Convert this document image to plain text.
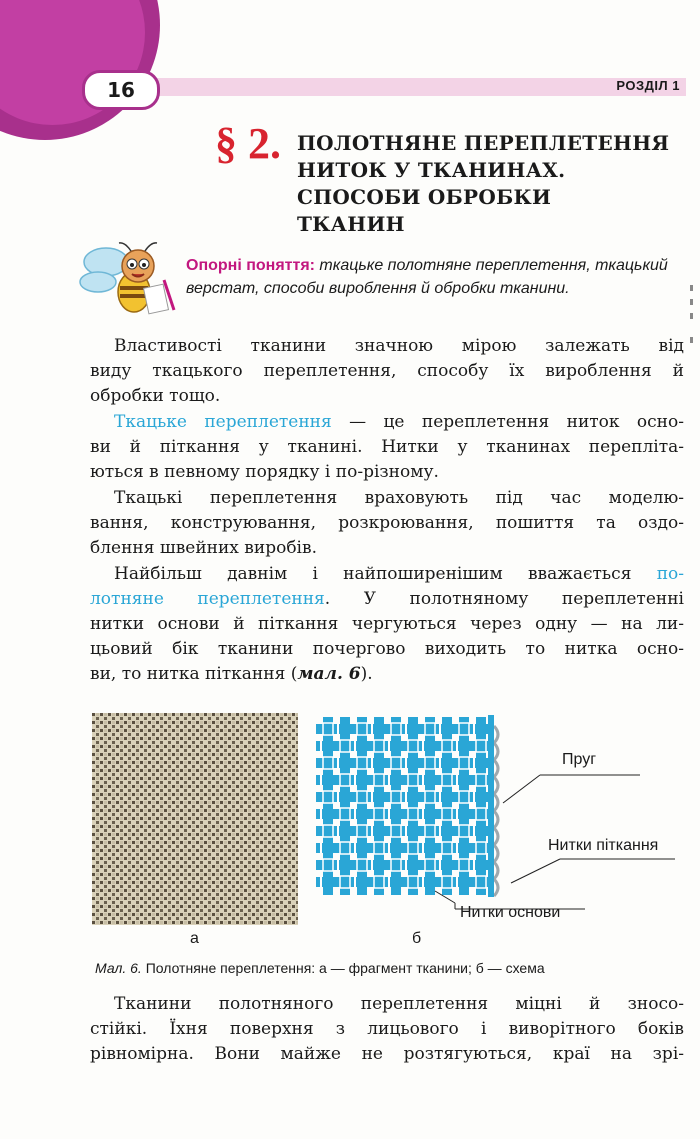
16	РОЗДІЛ 1
§ 2. ПОЛОТНЯНЕ ПЕРЕПЛЕТЕННЯ
НИТОК У ТКАНИНАХ.
СПОСОБИ ОБРОБКИ
ТКАНИН
Опорні поняття: ткацьке полотняне переплетення, ткацький верстат, способи вироблення й обробки тканини.
Властивості тканини значною мірою залежать від
виду ткацького переплетення, способу їх вироблення й
обробки тощо.
Ткацьке переплетення — це переплетення ниток осно-
ви й піткання у тканині. Нитки у тканинах перепліта-
ються в певному порядку і по-різному.
Ткацькі переплетення враховують під час моделю-
вання, конструювання, розкроювання, пошиття та оздо-
блення швейних виробів.
Найбільш давнім і найпоширенішим вважається по-
лотняне переплетення. У полотняному переплетенні
нитки основи й піткання чергуються через одну — на ли-
цьовий бік тканини почергово виходить то нитка осно-
ви, то нитка піткання (мал. 6).
Пруг
Нитки піткання
Нитки основи
а	б
Мал. 6. Полотняне переплетення: а — фрагмент тканини; б — схема
Тканини полотняного переплетення міцні й зносо-
стійкі. Їхня поверхня з лицьового і виворітного боків
рівномірна. Вони майже не розтягуються, краї на зрі-
